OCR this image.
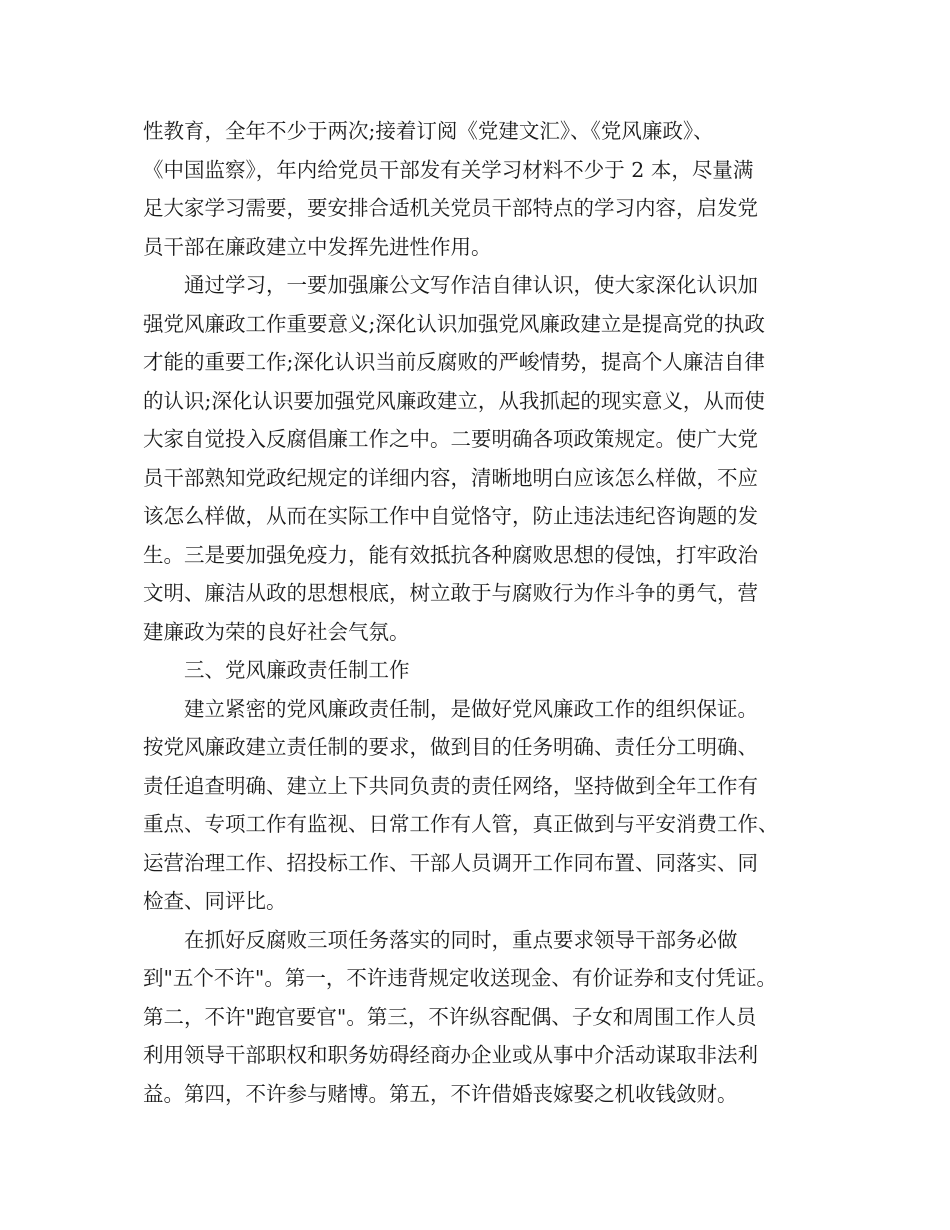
性教育，全年不少于两次;接着订阅《党建文汇》、《党风廉政》、
《中国监察》，年内给党员干部发有关学习材料不少于 2 本，尽量满
足大家学习需要，要安排合适机关党员干部特点的学习内容，启发党
员干部在廉政建立中发挥先进性作用。
通过学习，一要加强廉公文写作洁自律认识，使大家深化认识加
强党风廉政工作重要意义;深化认识加强党风廉政建立是提高党的执政
才能的重要工作;深化认识当前反腐败的严峻情势，提高个人廉洁自律
的认识;深化认识要加强党风廉政建立，从我抓起的现实意义，从而使
大家自觉投入反腐倡廉工作之中。二要明确各项政策规定。使广大党
员干部熟知党政纪规定的详细内容，清晰地明白应该怎么样做，不应
该怎么样做，从而在实际工作中自觉恪守，防止违法违纪咨询题的发
生。三是要加强免疫力，能有效抵抗各种腐败思想的侵蚀，打牢政治
文明、廉洁从政的思想根底，树立敢于与腐败行为作斗争的勇气，营
建廉政为荣的良好社会气氛。
三、党风廉政责任制工作
建立紧密的党风廉政责任制，是做好党风廉政工作的组织保证。
按党风廉政建立责任制的要求，做到目的任务明确、责任分工明确、
责任追查明确、建立上下共同负责的责任网络，坚持做到全年工作有
重点、专项工作有监视、日常工作有人管，真正做到与平安消费工作、
运营治理工作、招投标工作、干部人员调开工作同布置、同落实、同
检查、同评比。
在抓好反腐败三项任务落实的同时，重点要求领导干部务必做
到"五个不许"。第一，不许违背规定收送现金、有价证券和支付凭证。
第二，不许"跑官要官"。第三，不许纵容配偶、子女和周围工作人员
利用领导干部职权和职务妨碍经商办企业或从事中介活动谋取非法利
益。第四，不许参与赌博。第五，不许借婚丧嫁娶之机收钱敛财。
